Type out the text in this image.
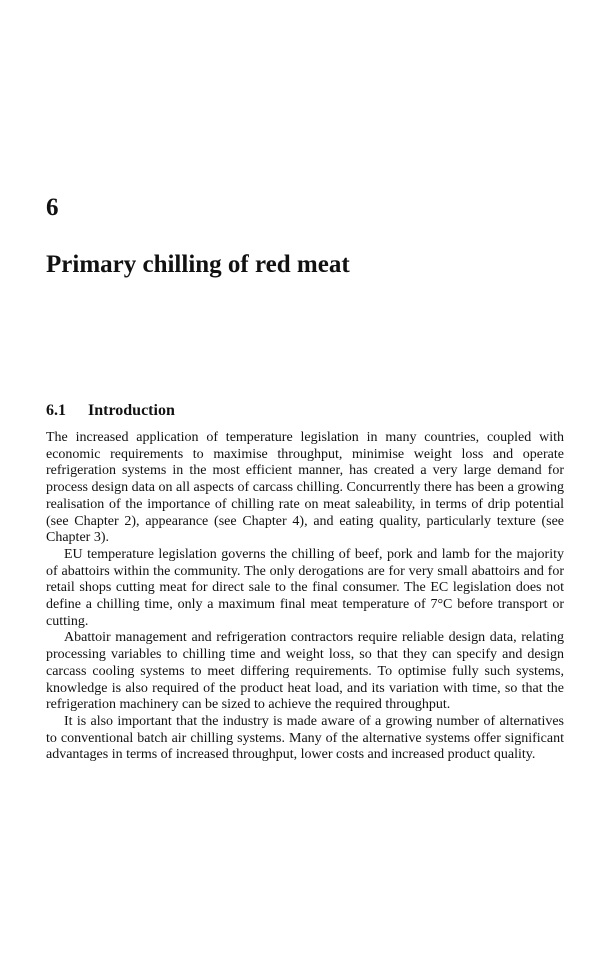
6
Primary chilling of red meat
6.1 Introduction

The increased application of temperature legislation in many countries, coupled with economic requirements to maximise throughput, minimise weight loss and operate refrigeration systems in the most efficient manner, has created a very large demand for process design data on all aspects of carcass chilling. Concurrently there has been a growing realisation of the importance of chilling rate on meat saleability, in terms of drip potential (see Chapter 2), appearance (see Chapter 4), and eating quality, particularly texture (see Chapter 3).

EU temperature legislation governs the chilling of beef, pork and lamb for the majority of abattoirs within the community. The only derogations are for very small abattoirs and for retail shops cutting meat for direct sale to the final consumer. The EC legislation does not define a chilling time, only a maximum final meat temperature of 7°C before transport or cutting.

Abattoir management and refrigeration contractors require reliable design data, relating processing variables to chilling time and weight loss, so that they can specify and design carcass cooling systems to meet differing requirements. To optimise fully such systems, knowledge is also required of the product heat load, and its variation with time, so that the refrigeration machinery can be sized to achieve the required throughput.

It is also important that the industry is made aware of a growing number of alternatives to conventional batch air chilling systems. Many of the alternative systems offer significant advantages in terms of increased throughput, lower costs and increased product quality.
